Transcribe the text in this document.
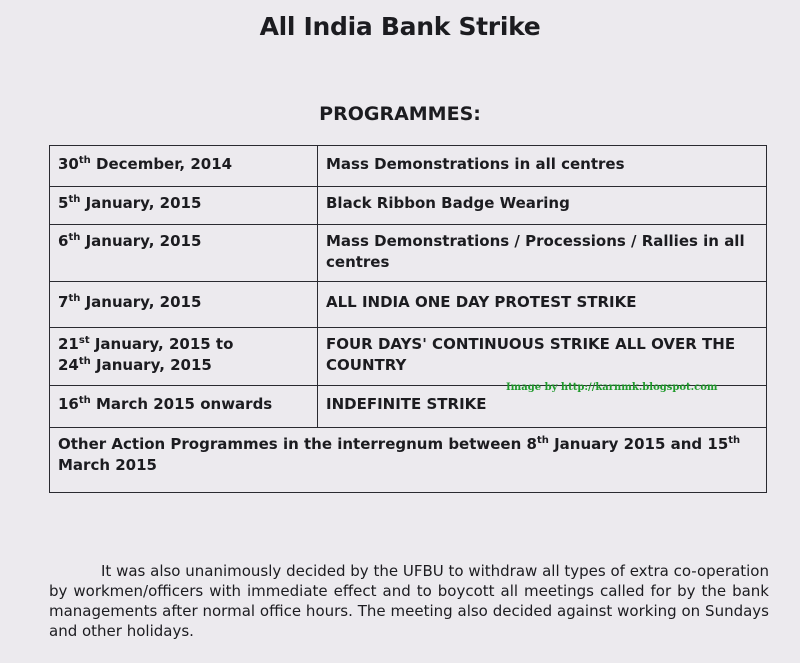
All India Bank Strike
PROGRAMMES:
30th December, 2014	Mass Demonstrations in all centres
5th January, 2015	Black Ribbon Badge Wearing
6th January, 2015	Mass Demonstrations / Processions / Rallies in all centres
7th January, 2015	ALL INDIA ONE DAY PROTEST STRIKE
21st January, 2015 to
24th January, 2015	FOUR DAYS' CONTINUOUS STRIKE ALL OVER THE COUNTRY
16th March 2015 onwards	INDEFINITE STRIKE
Other Action Programmes in the interregnum between 8th January 2015 and 15th March 2015	
Image by http://karnmk.blogspot.com
It was also unanimously decided by the UFBU to withdraw all types of extra co-operation by workmen/officers with immediate effect and to boycott all meetings called for by the bank managements after normal office hours. The meeting also decided against working on Sundays and other holidays.
